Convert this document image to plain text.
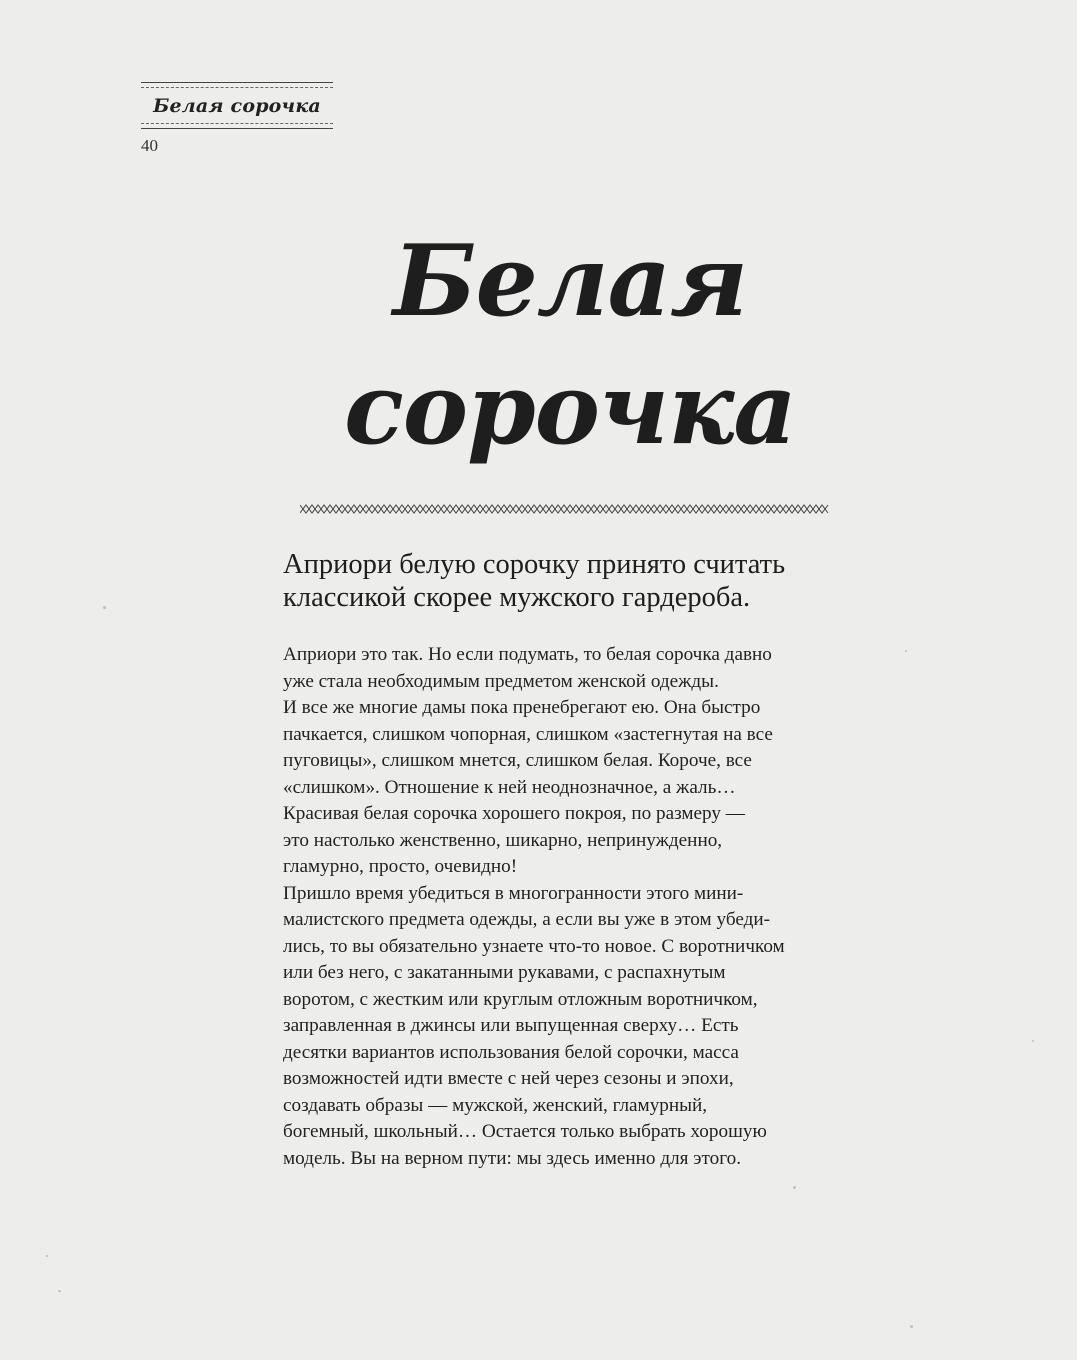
Белая сорочка
40
Белая
сорочка
Априори белую сорочку принято считать
классикой скорее мужского гардероба.
Априори это так. Но если подумать, то белая сорочка давно
уже стала необходимым предметом женской одежды.
И все же многие дамы пока пренебрегают ею. Она быстро
пачкается, слишком чопорная, слишком «застегнутая на все
пуговицы», слишком мнется, слишком белая. Короче, все
«слишком». Отношение к ней неоднозначное, а жаль…
Красивая белая сорочка хорошего покроя, по размеру —
это настолько женственно, шикарно, непринужденно,
гламурно, просто, очевидно!
Пришло время убедиться в многогранности этого мини-
малистского предмета одежды, а если вы уже в этом убеди-
лись, то вы обязательно узнаете что-то новое. С воротничком
или без него, с закатанными рукавами, с распахнутым
воротом, с жестким или круглым отложным воротничком,
заправленная в джинсы или выпущенная сверху… Есть
десятки вариантов использования белой сорочки, масса
возможностей идти вместе с ней через сезоны и эпохи,
создавать образы — мужской, женский, гламурный,
богемный, школьный… Остается только выбрать хорошую
модель. Вы на верном пути: мы здесь именно для этого.
